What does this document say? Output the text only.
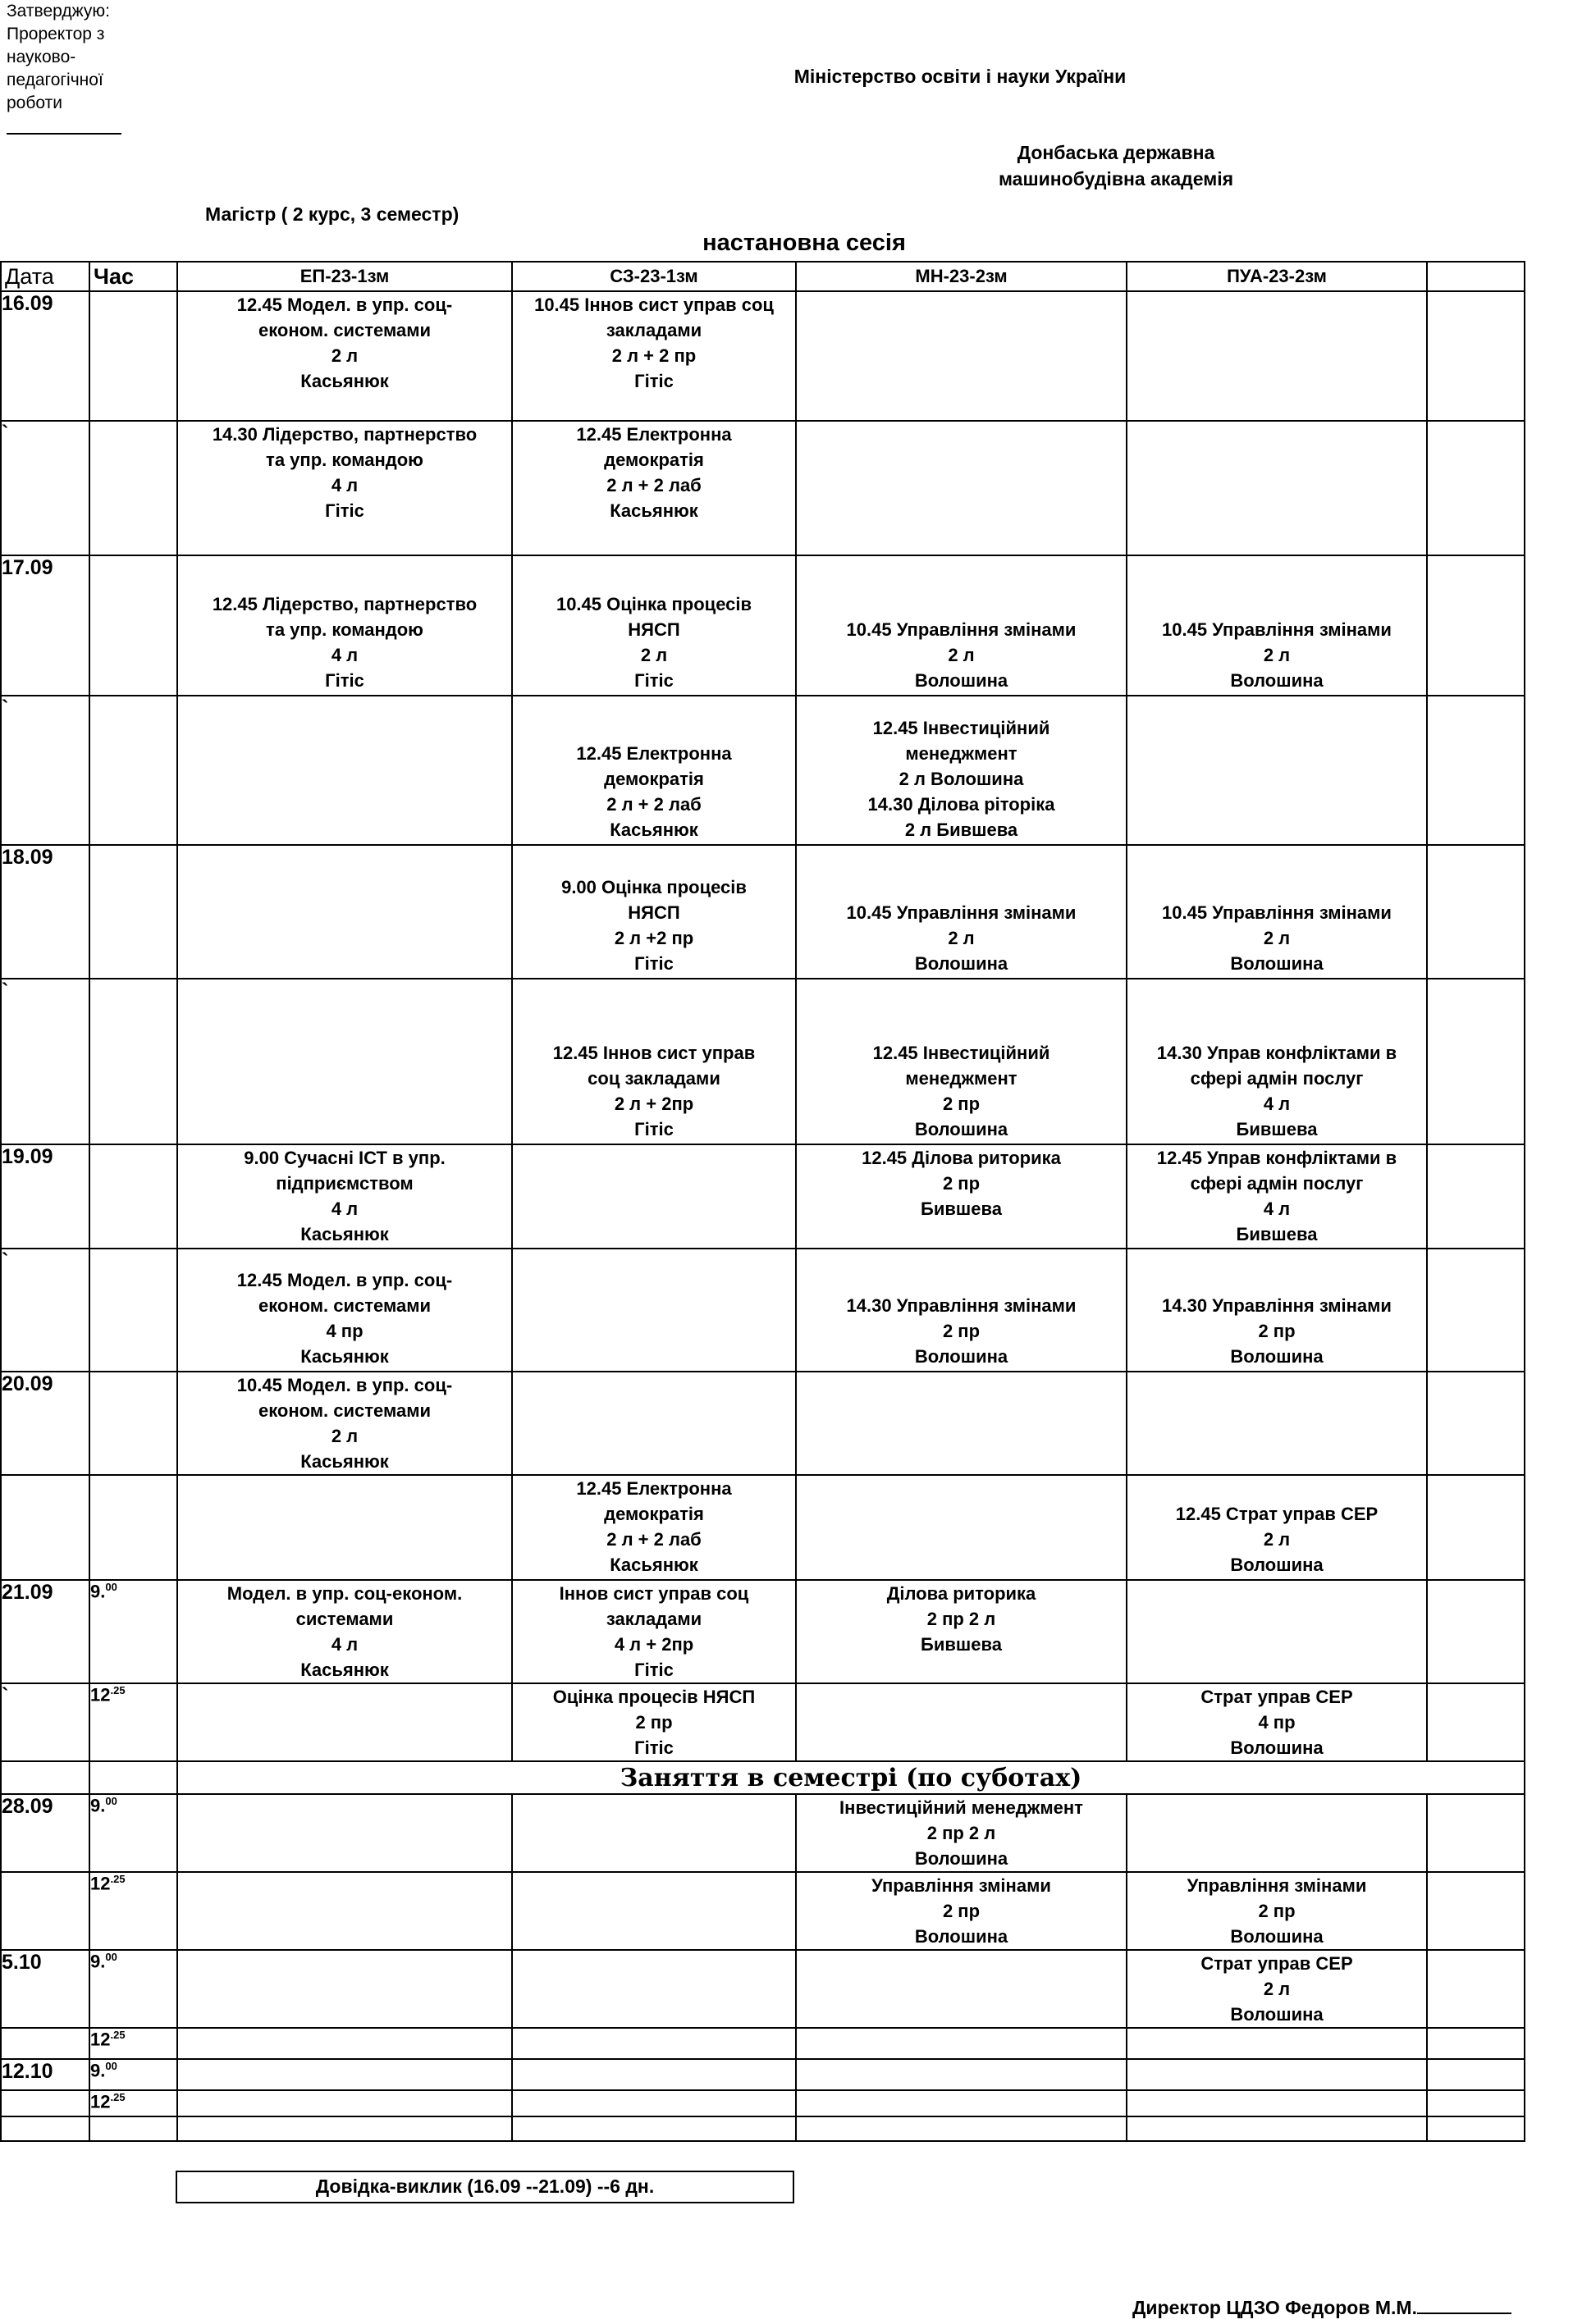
Затверджую:
Проректор з
науково-
педагогічної
роботи
Міністерство освіти і науки України
Донбаська державна
машинобудівна академія
Магістр ( 2 курс, 3 семестр)
настановна сесія
Дата	Час	ЕП-23-1зм	СЗ-23-1зм	МН-23-2зм	ПУА-23-2зм	
16.09		12.45 Модел. в упр. соц-
економ. системами
2 л
Касьянюк	10.45 Іннов сист управ соц
закладами
2 л + 2 пр
Гітіс			
`		14.30 Лідерство, партнерство
та упр. командою
4 л
Гітіс	12.45 Електронна
демократія
2 л + 2 лаб
Касьянюк			
17.09		12.45 Лідерство, партнерство
та упр. командою
4 л
Гітіс	10.45 Оцінка процесів
НЯСП
2 л
Гітіс	10.45 Управління змінами
2 л
Волошина	10.45 Управління змінами
2 л
Волошина	
`			12.45 Електронна
демократія
2 л + 2 лаб
Касьянюк	12.45 Інвестиційний
менеджмент
2 л Волошина
14.30 Ділова ріторіка
2 л Бившева		
18.09			9.00 Оцінка процесів
НЯСП
2 л +2 пр
Гітіс	10.45 Управління змінами
2 л
Волошина	10.45 Управління змінами
2 л
Волошина	
`			12.45 Іннов сист управ
соц закладами
2 л + 2пр
Гітіс	12.45 Інвестиційний
менеджмент
2 пр
Волошина	14.30 Управ конфліктами в
сфері адмін послуг
4 л
Бившева	
19.09		9.00 Сучасні ІСТ в упр.
підприємством
4 л
Касьянюк		12.45 Ділова риторика
2 пр
Бившева	12.45 Управ конфліктами в
сфері адмін послуг
4 л
Бившева	
`		12.45 Модел. в упр. соц-
економ. системами
4 пр
Касьянюк		14.30 Управління змінами
2 пр
Волошина	14.30 Управління змінами
2 пр
Волошина	
20.09		10.45 Модел. в упр. соц-
економ. системами
2 л
Касьянюк				
			12.45 Електронна
демократія
2 л + 2 лаб
Касьянюк		12.45 Страт управ СЕР
2 л
Волошина	
21.09	9.00	Модел. в упр. соц-економ.
системами
4 л
Касьянюк	Іннов сист управ соц
закладами
4 л + 2пр
Гітіс	Ділова риторика
2 пр 2 л
Бившева		
`	$12^{.25}$		Оцінка процесів НЯСП
2 пр
Гітіс		Страт управ СЕР
4 пр
Волошина	
		Заняття в семестрі (по суботах)				
28.09	9.00			Інвестиційний менеджмент
2 пр 2 л
Волошина		
	$12^{.25}$			Управління змінами
2 пр
Волошина	Управління змінами
2 пр
Волошина	
5.10	9.00				Страт управ СЕР
2 л
Волошина	
	$12^{.25}$					
12.10	9.00					
	$12^{.25}$					

Довідка-виклик (16.09 --21.09) --6 дн.
Директор ЦДЗО Федоров М.М.
